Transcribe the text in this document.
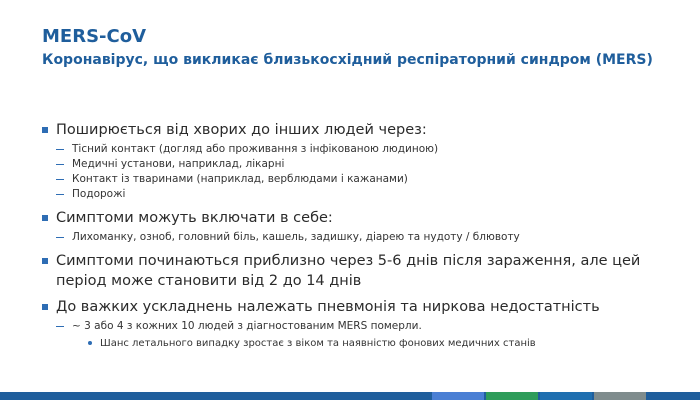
MERS-CoV
Коронавірус, що викликає близькосхідний респіраторний синдром (MERS)
Поширюється від хворих до інших людей через:
Тісний контакт (догляд або проживання з інфікованою людиною)
Медичні установи, наприклад, лікарні
Контакт із тваринами (наприклад, верблюдами і кажанами)
Подорожі
Симптоми можуть включати в себе:
Лихоманку, озноб, головний біль, кашель, задишку, діарею та нудоту / блювоту
Симптоми починаються приблизно через 5-6 днів після зараження, але цей період може становити від 2 до 14 днів
До важких ускладнень належать пневмонія та ниркова недостатність
~ 3 або 4 з кожних 10 людей з діагностованим MERS померли.
Шанс летального випадку зростає з віком та наявністю фонових медичних станів
